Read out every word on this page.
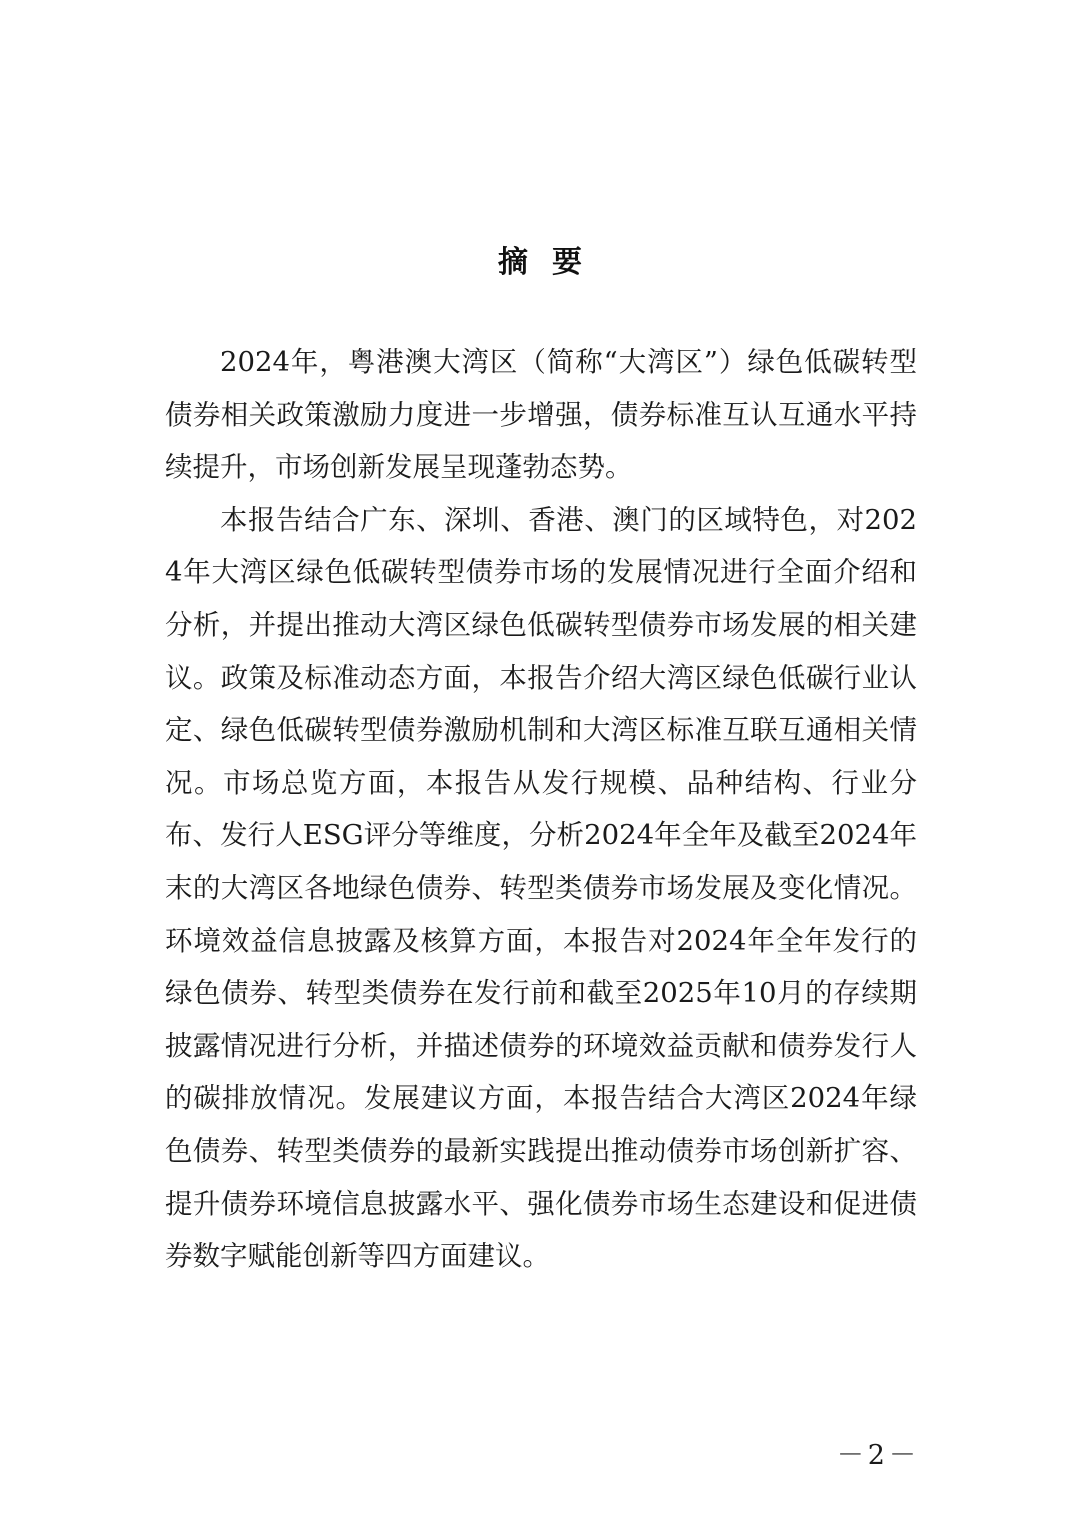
摘要

2024年，粤港澳大湾区（简称“大湾区”）绿色低碳转型债券相关政策激励力度进一步增强，债券标准互认互通水平持续提升，市场创新发展呈现蓬勃态势。

本报告结合广东、深圳、香港、澳门的区域特色，对2024年大湾区绿色低碳转型债券市场的发展情况进行全面介绍和分析，并提出推动大湾区绿色低碳转型债券市场发展的相关建议。政策及标准动态方面，本报告介绍大湾区绿色低碳行业认定、绿色低碳转型债券激励机制和大湾区标准互联互通相关情况。市场总览方面，本报告从发行规模、品种结构、行业分布、发行人ESG评分等维度，分析2024年全年及截至2024年末的大湾区各地绿色债券、转型类债券市场发展及变化情况。环境效益信息披露及核算方面，本报告对2024年全年发行的绿色债券、转型类债券在发行前和截至2025年10月的存续期披露情况进行分析，并描述债券的环境效益贡献和债券发行人的碳排放情况。发展建议方面，本报告结合大湾区2024年绿色债券、转型类债券的最新实践提出推动债券市场创新扩容、提升债券环境信息披露水平、强化债券市场生态建设和促进债券数字赋能创新等四方面建议。

－2－
